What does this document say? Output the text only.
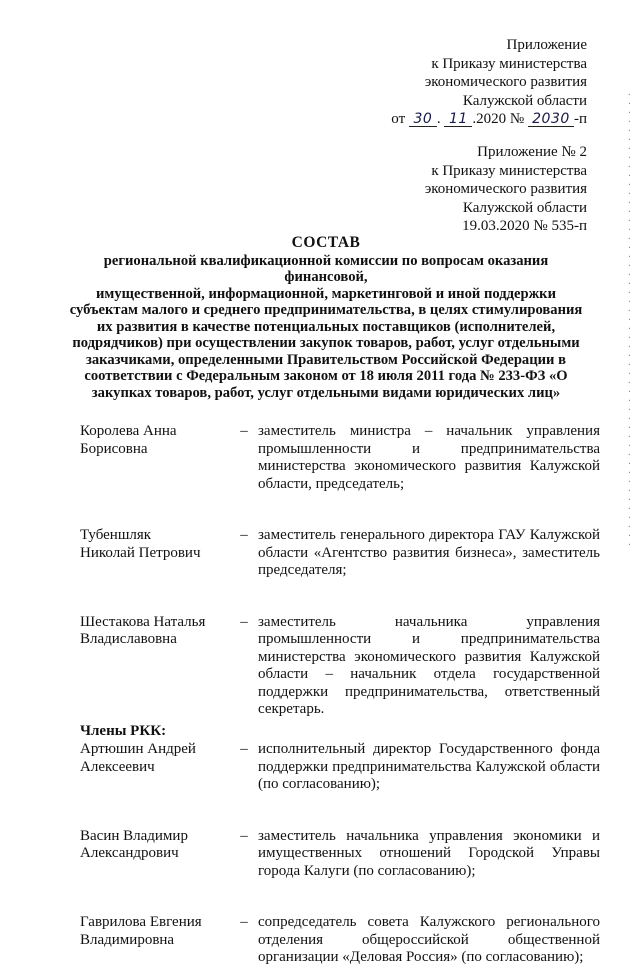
Приложение
к Приказу министерства
экономического развития
Калужской области
от 30 . 11 .2020 № 2030 -п
Приложение № 2
к Приказу министерства
экономического развития
Калужской области
19.03.2020 № 535-п
СОСТАВ
региональной квалификационной комиссии по вопросам оказания финансовой,
имущественной, информационной, маркетинговой и иной поддержки
субъектам малого и среднего предпринимательства, в целях стимулирования
их развития в качестве потенциальных поставщиков (исполнителей,
подрядчиков) при осуществлении закупок товаров, работ, услуг отдельными
заказчиками, определенными Правительством Российской Федерации в
соответствии с Федеральным законом от 18 июля 2011 года № 233-ФЗ «О
закупках товаров, работ, услуг отдельными видами юридических лиц»
Королева Анна
Борисовна
– заместитель министра – начальник управления промышленности и предпринимательства министерства экономического развития Калужской области, председатель;
Тубеншляк
Николай Петрович
– заместитель генерального директора ГАУ Калужской области «Агентство развития бизнеса», заместитель председателя;
Шестакова Наталья
Владиславовна
– заместитель начальника управления промышленности и предпринимательства министерства экономического развития Калужской области – начальник отдела государственной поддержки предпринимательства, ответственный секретарь.
Члены РКК:
Артюшин Андрей
Алексеевич
– исполнительный директор Государственного фонда поддержки предпринимательства Калужской области (по согласованию);
Васин Владимир
Александрович
– заместитель начальника управления экономики и имущественных отношений Городской Управы города Калуги (по согласованию);
Гаврилова Евгения
Владимировна
– сопредседатель совета Калужского регионального отделения общероссийской общественной организации «Деловая Россия» (по согласованию);
· · · · · · · · · · · · · · · · · · · · · · · · · · · · · · · · · · · · · · · · · · · · · · · · · · ·
